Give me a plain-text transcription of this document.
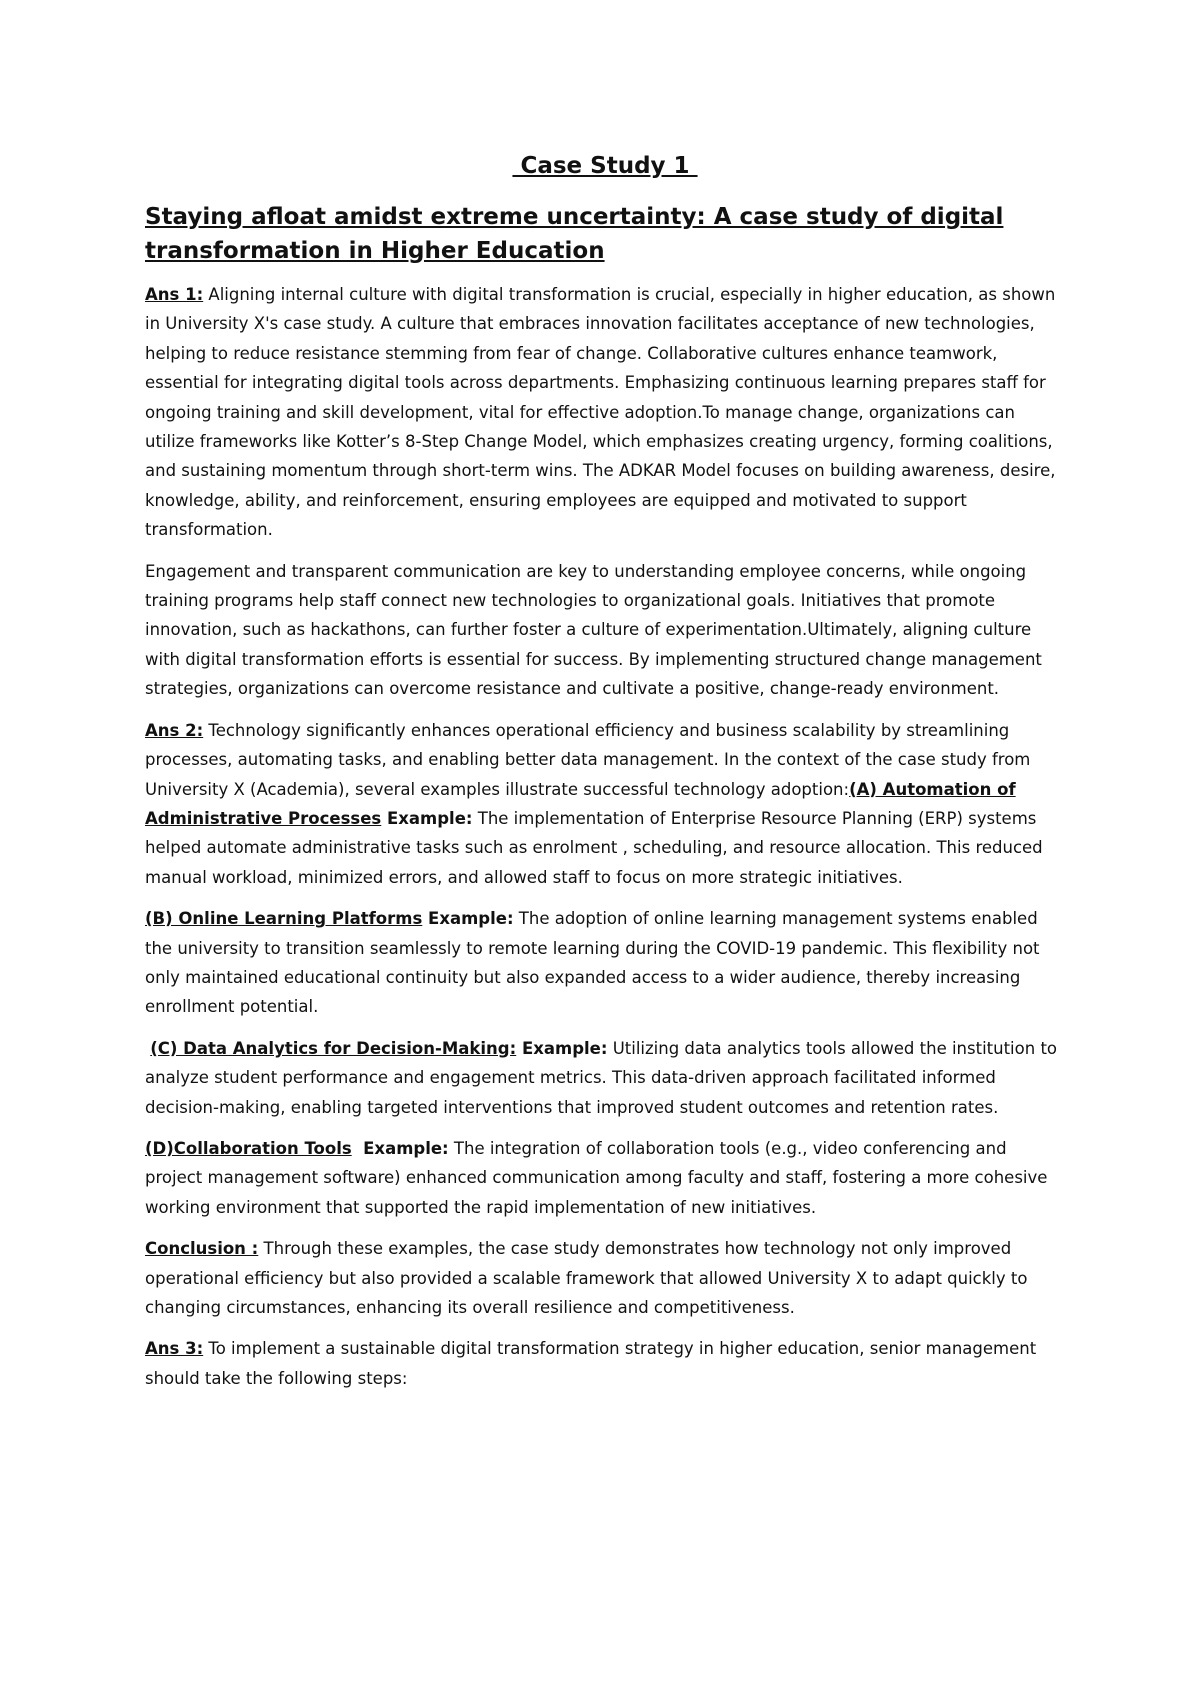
Case Study 1
Staying afloat amidst extreme uncertainty: A case study of digital transformation in Higher Education

Ans 1: Aligning internal culture with digital transformation is crucial, especially in higher education, as shown in University X's case study. A culture that embraces innovation facilitates acceptance of new technologies, helping to reduce resistance stemming from fear of change. Collaborative cultures enhance teamwork, essential for integrating digital tools across departments. Emphasizing continuous learning prepares staff for ongoing training and skill development, vital for effective adoption.To manage change, organizations can utilize frameworks like Kotter’s 8-Step Change Model, which emphasizes creating urgency, forming coalitions, and sustaining momentum through short-term wins. The ADKAR Model focuses on building awareness, desire, knowledge, ability, and reinforcement, ensuring employees are equipped and motivated to support transformation.

Engagement and transparent communication are key to understanding employee concerns, while ongoing training programs help staff connect new technologies to organizational goals. Initiatives that promote innovation, such as hackathons, can further foster a culture of experimentation.Ultimately, aligning culture with digital transformation efforts is essential for success. By implementing structured change management strategies, organizations can overcome resistance and cultivate a positive, change-ready environment.

Ans 2: Technology significantly enhances operational efficiency and business scalability by streamlining processes, automating tasks, and enabling better data management. In the context of the case study from University X (Academia), several examples illustrate successful technology adoption:(A) Automation of Administrative Processes Example: The implementation of Enterprise Resource Planning (ERP) systems helped automate administrative tasks such as enrolment , scheduling, and resource allocation. This reduced manual workload, minimized errors, and allowed staff to focus on more strategic initiatives.

(B) Online Learning Platforms Example: The adoption of online learning management systems enabled the university to transition seamlessly to remote learning during the COVID-19 pandemic. This flexibility not only maintained educational continuity but also expanded access to a wider audience, thereby increasing enrollment potential.

(C) Data Analytics for Decision-Making: Example: Utilizing data analytics tools allowed the institution to analyze student performance and engagement metrics. This data-driven approach facilitated informed decision-making, enabling targeted interventions that improved student outcomes and retention rates.

(D)Collaboration Tools  Example: The integration of collaboration tools (e.g., video conferencing and project management software) enhanced communication among faculty and staff, fostering a more cohesive working environment that supported the rapid implementation of new initiatives.

Conclusion : Through these examples, the case study demonstrates how technology not only improved operational efficiency but also provided a scalable framework that allowed University X to adapt quickly to changing circumstances, enhancing its overall resilience and competitiveness.

Ans 3: To implement a sustainable digital transformation strategy in higher education, senior management should take the following steps:
